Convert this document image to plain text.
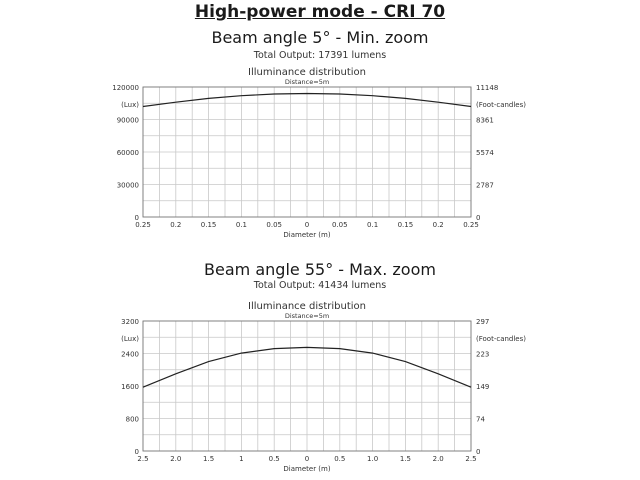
High-power mode - CRI 70
Beam angle 5° - Min. zoom
Total Output: 17391 lumens
Beam angle 55° - Max. zoom
Total Output: 41434 lumens
Illuminance distribution
Distance=5m
0.25	0.2	0.15	0.1	0.05	0	0.05	0.1	0.15	0.2	0.25
Diameter (m)
0
30000
60000
90000
120000
0
2787
5574
8361
11148
(Lux)	(Foot-candles)
Illuminance distribution
Distance=5m
2.5	2.0	1.5	1	0.5	0	0.5	1.0	1.5	2.0	2.5
Diameter (m)
0
800
1600
2400
3200
0
74
149
223
297
(Lux)	(Foot-candles)
